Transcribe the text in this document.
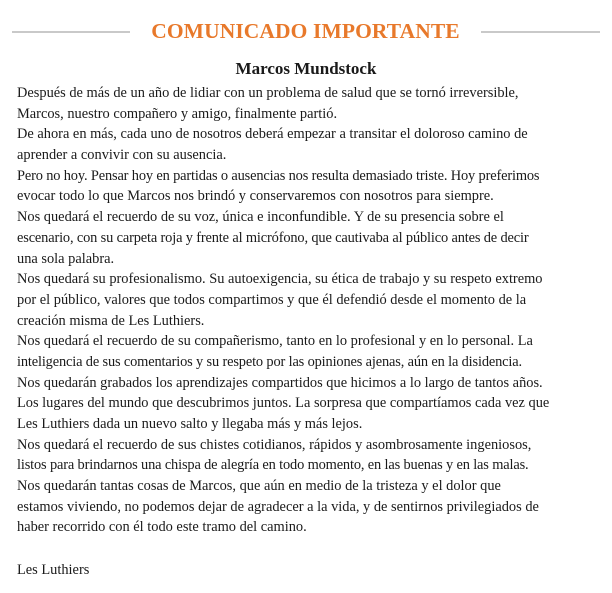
COMUNICADO IMPORTANTE
Marcos Mundstock
Después de más de un año de lidiar con un problema de salud que se tornó irreversible,
Marcos, nuestro compañero y amigo, finalmente partió.
De ahora en más, cada uno de nosotros deberá empezar a transitar el doloroso camino de
aprender a convivir con su ausencia.
Pero no hoy. Pensar hoy en partidas o ausencias nos resulta demasiado triste. Hoy preferimos
evocar todo lo que Marcos nos brindó y conservaremos con nosotros para siempre.
Nos quedará el recuerdo de su voz, única e inconfundible. Y de su presencia sobre el
escenario, con su carpeta roja y frente al micrófono, que cautivaba al público antes de decir
una sola palabra.
Nos quedará su profesionalismo. Su autoexigencia, su ética de trabajo y su respeto extremo
por el público, valores que todos compartimos y que él defendió desde el momento de la
creación misma de Les Luthiers.
Nos quedará el recuerdo de su compañerismo, tanto en lo profesional y en lo personal. La
inteligencia de sus comentarios y su respeto por las opiniones ajenas, aún en la disidencia.
Nos quedarán grabados los aprendizajes compartidos que hicimos a lo largo de tantos años.
Los lugares del mundo que descubrimos juntos. La sorpresa que compartíamos cada vez que
Les Luthiers dada un nuevo salto y llegaba más y más lejos.
Nos quedará el recuerdo de sus chistes cotidianos, rápidos y asombrosamente ingeniosos,
listos para brindarnos una chispa de alegría en todo momento, en las buenas y en las malas.
Nos quedarán tantas cosas de Marcos, que aún en medio de la tristeza y el dolor que
estamos viviendo, no podemos dejar de agradecer a la vida, y de sentirnos privilegiados de
haber recorrido con él todo este tramo del camino.
Les Luthiers
